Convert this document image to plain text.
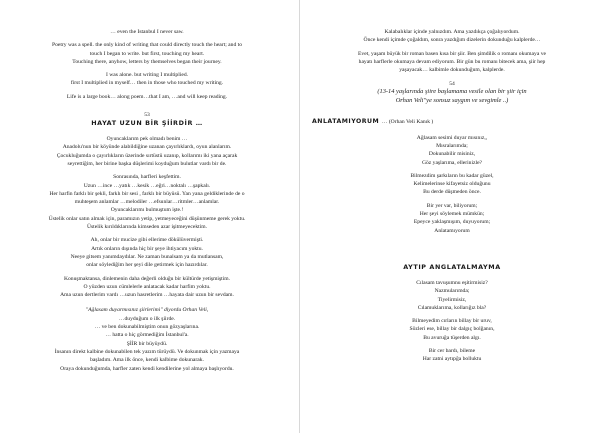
… even the Istanbul I never saw.
Poetry was a spell. the only kind of writing that could directly touch the heart; and to
touch I began to write. but first, touching my heart.
Touching there, anyhow, letters by themselves began their journey.
I was alone. but writing I multiplied.
first I multiplied in myself… then in those who touched my writing.
Life is a large book… along poem…that I am, …and will keep reading.
53
HAYAT UZUN BİR ŞİİRDİR …
Oyuncaklarım pek olmadı benim …
Anadolu'nun bir köyünde alabildiğine uzanan çayırlıklardı, oyun alanlarım.
Çocukluğumda o çayırlıkların üzerinde sırtüstü uzanıp, kollarımı iki yana açarak
seyrettiğim, her birine başka düşlerimi koyduğum bulutlar vardı bir de.
Sonrasında, harfleri keşfettim.
Uzun …ince …yatık …kesik …eğri…noktalı …şapkalı.
Her harfin farklı bir şekli, farklı bir sesi , farklı bir büyüsü. Yan yana geldiklerinde de o
muhteşem anlamlar …melodiler …efsunlar…ritmler…anlamlar.
Oyuncaklarımı bulmuştum işte.!
Üstelik onlar satın almak için, paramızın yetip, yetmeyeceğini düşünmeme gerek yoktu.
Üstelik kırıldıklarında kimseden azar işitmeyecektim.
Ah, onlar bir mucize gibi ellerime dökülüvermişti.
Artık onların dışında hiç bir şeye ihtiyacım yoktu.
Neeye gitsem yanımdaydılar. Ne zaman bunalsam ya da mutlansam,
onlar söylediğim her şeyi dile getirmek için hazırdılar.
Konuşmaktansa, dinlemenin daha değerli olduğu bir kültürde yetişmiştim.
O yüzden uzun cümlelerle anlatacak kadar harfim yoktu.
Ama uzun dertlerim vardı …uzun hasretlerim …hayata dair uzun bir sevdam.
"Ağlasam duyarmısınız şiirlerimi" diyordu Orhan Veli,
…duyduğum o ilk şiirde.
… ve ben dokunabilmiştim onun gözyaşlarına.
… hatta o hiç görmediğim İstanbul'a.
ŞİİR bir büyüydü.
İnsanın direkt kalbine dokunabilen tek yazım türüydü. Ve dokunmak için yazmaya
başladım. Ama ilk önce, kendi kalbime dokunarak.
Oraya dokunduğumda, harfler zaten kendi kendilerine yol almaya başlıyordu.
Kalabalıklar içinde yalnızdım. Ama yazdıkça çoğalıyordum.
Önce kendi içimde çoğaldım, sonra yazdığım dizelerin dokunduğu kalplerde…
Evet, yaşam büyük bir roman basen kısa bir şiir. Ben şimdilik o romanı okumaya ve
hayatı harflerle okumaya devam ediyorum. Bir gün bu romanı bitecek ama, şiir hep
yaşayacak… kalbimle dokunduğum, kalplerde.
54
(13-14 yaşlarında şiire başlamama vesile olan bir şiir için
Orhan Veli"ye sonsuz saygım ve sevgimle ..)
ANLATAMIYORUM … (Orhan Veli Kanık )
Ağlasam sesimi duyar mısınız,,
Mısralarımda;
Dokunabilir misiniz,
Göz yaşlarıma, ellerinizle?
Bilmezdim şarkıların bu kadar güzel,
Kelimelerinse kifayetsiz olduğunu
Bu derde düşmeden önce.
Bir yer var, biliyorum;
Her şeyi söylemek mümkün;
Epeyce yaklaşmışım, duyuyorum;
Anlatamıyorum
AYTIP ANGLATALMAYMA
Cılasam tavuşumnu eşitirmisiz?
Nazmularımda;
Tiyelirmisiz,
Cılamuklarıma, kollarığız bla?
Bilmeyedim cırların billay bir uruv,
Sözleri ese, billay bir dalgıç bolğanın,
Bu avuruğa tüşerden algı.
Bir cer bardı, bileme
Har zatni aytıpğa bolluktu
